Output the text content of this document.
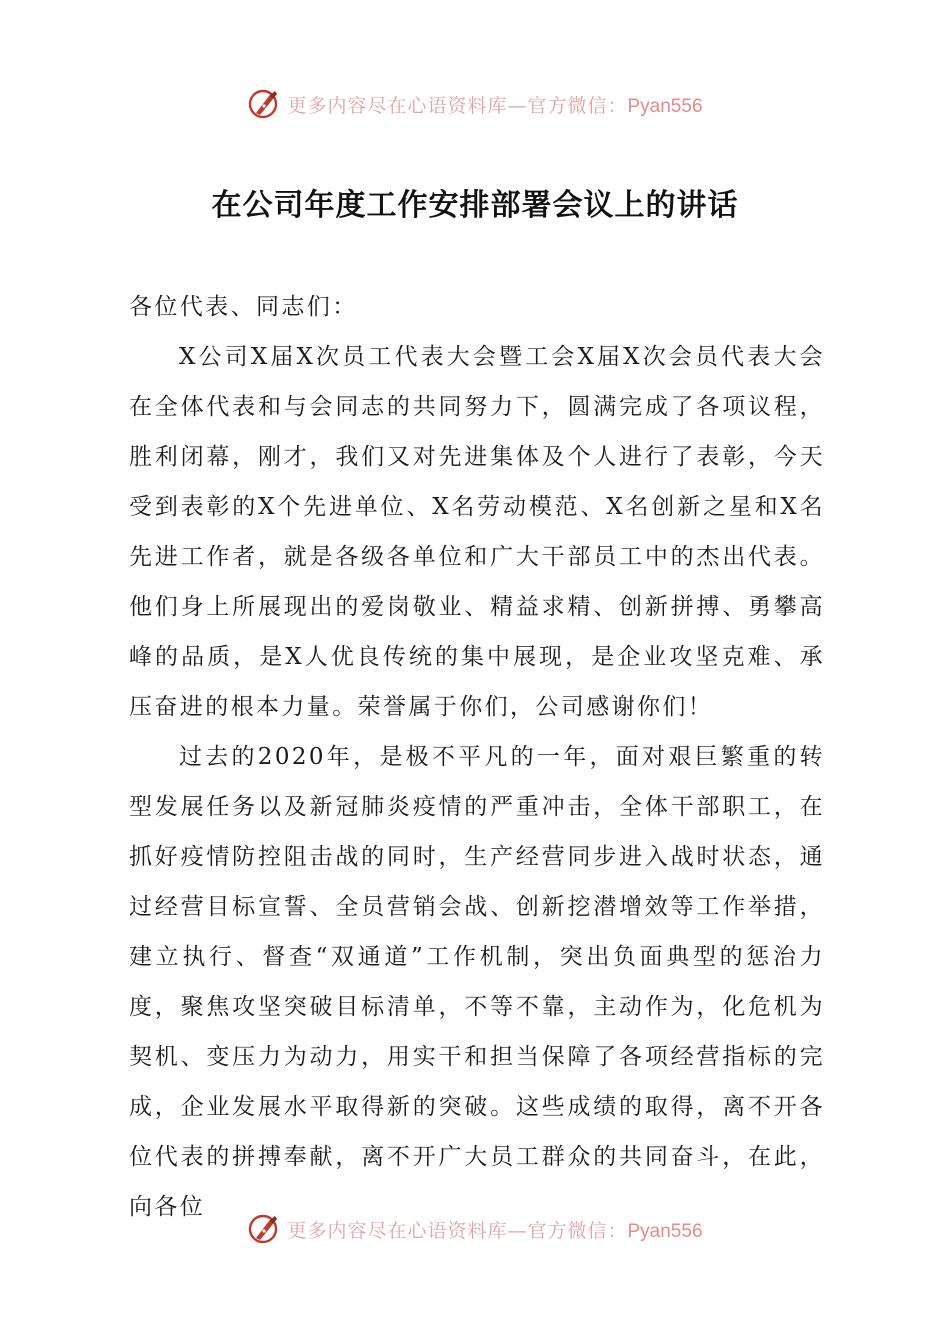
更多内容尽在心语资料库—官方微信：Pyan556
在公司年度工作安排部署会议上的讲话

各位代表、同志们：

X公司X届X次员工代表大会暨工会X届X次会员代表大会在全体代表和与会同志的共同努力下，圆满完成了各项议程，胜利闭幕，刚才，我们又对先进集体及个人进行了表彰，今天受到表彰的X个先进单位、X名劳动模范、X名创新之星和X名先进工作者，就是各级各单位和广大干部员工中的杰出代表。他们身上所展现出的爱岗敬业、精益求精、创新拼搏、勇攀高峰的品质，是X人优良传统的集中展现，是企业攻坚克难、承压奋进的根本力量。荣誉属于你们，公司感谢你们！

过去的2020年，是极不平凡的一年，面对艰巨繁重的转型发展任务以及新冠肺炎疫情的严重冲击，全体干部职工，在抓好疫情防控阻击战的同时，生产经营同步进入战时状态，通过经营目标宣誓、全员营销会战、创新挖潜增效等工作举措，建立执行、督查“双通道”工作机制，突出负面典型的惩治力度，聚焦攻坚突破目标清单，不等不靠，主动作为，化危机为契机、变压力为动力，用实干和担当保障了各项经营指标的完成，企业发展水平取得新的突破。这些成绩的取得，离不开各位代表的拼搏奉献，离不开广大员工群众的共同奋斗，在此，向各位

更多内容尽在心语资料库—官方微信：Pyan556
